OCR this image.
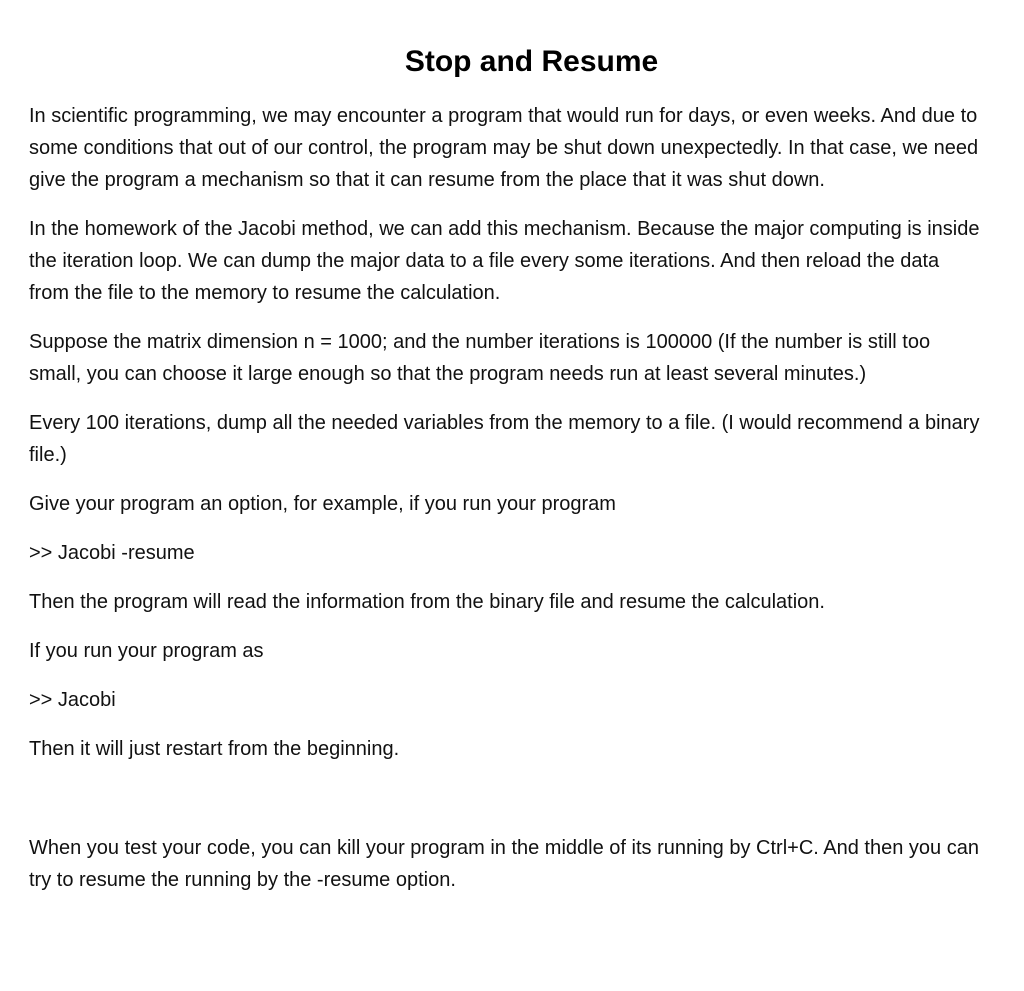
Stop and Resume

In scientific programming, we may encounter a program that would run for days, or even weeks. And due to some conditions that out of our control, the program may be shut down unexpectedly. In that case, we need give the program a mechanism so that it can resume from the place that it was shut down.

In the homework of the Jacobi method, we can add this mechanism. Because the major computing is inside the iteration loop. We can dump the major data to a file every some iterations. And then reload the data from the file to the memory to resume the calculation.

Suppose the matrix dimension n = 1000; and the number iterations is 100000 (If the number is still too small, you can choose it large enough so that the program needs run at least several minutes.)

Every 100 iterations, dump all the needed variables from the memory to a file. (I would recommend a binary file.)

Give your program an option, for example, if you run your program

>> Jacobi -resume

Then the program will read the information from the binary file and resume the calculation.

If you run your program as

>> Jacobi

Then it will just restart from the beginning.

When you test your code, you can kill your program in the middle of its running by Ctrl+C. And then you can try to resume the running by the -resume option.
